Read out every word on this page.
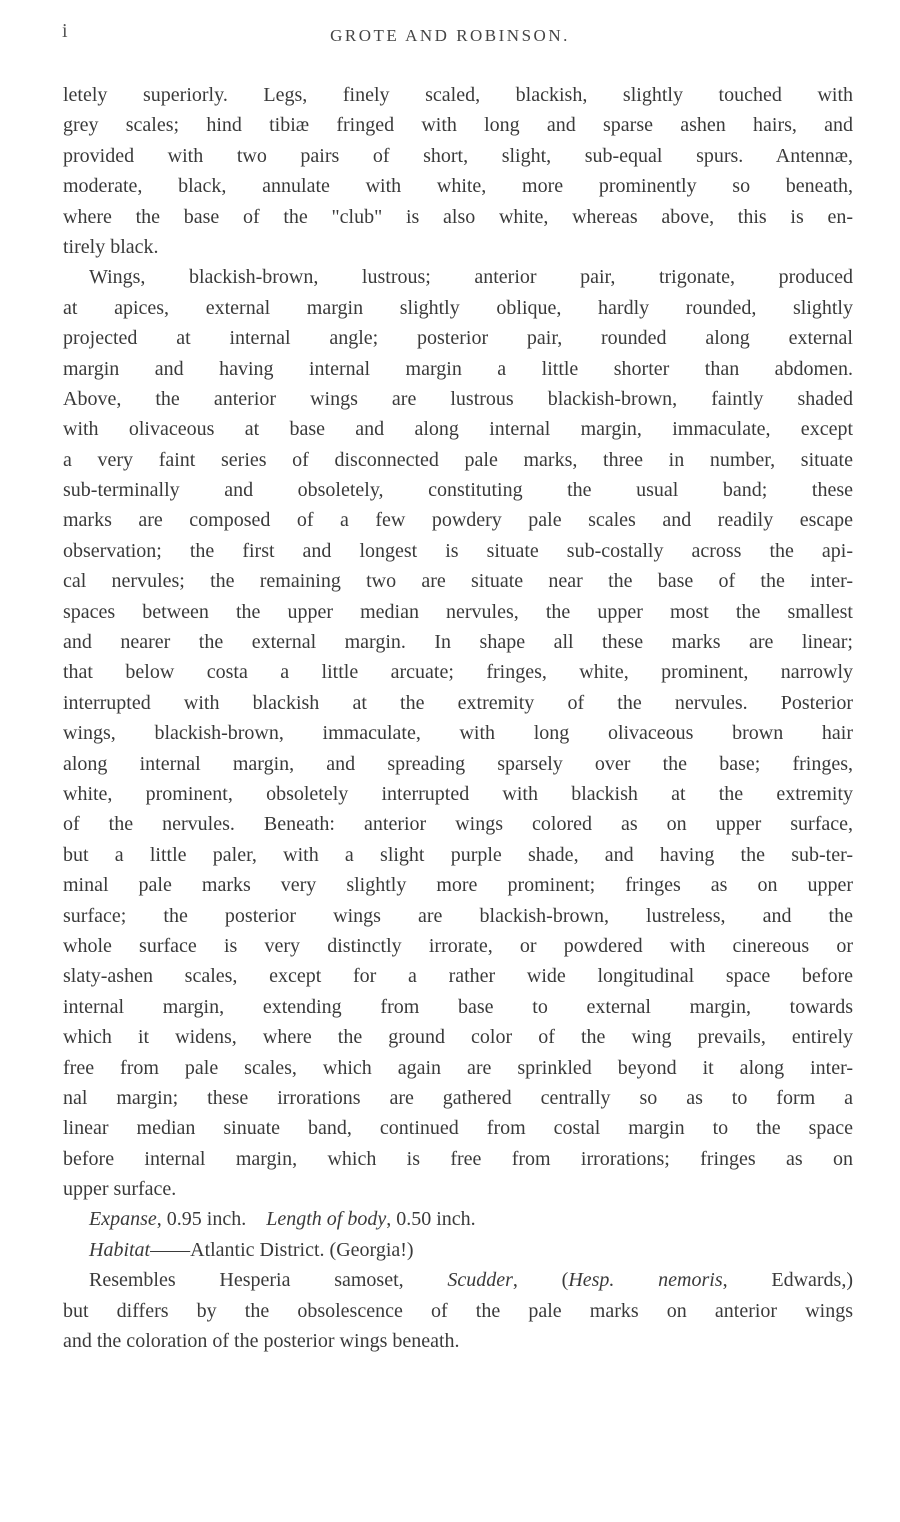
i	GROTE AND ROBINSON.
letely superiorly. Legs, finely scaled, blackish, slightly touched with
grey scales; hind tibiæ fringed with long and sparse ashen hairs, and
provided with two pairs of short, slight, sub-equal spurs. Antennæ,
moderate, black, annulate with white, more prominently so beneath,
where the base of the "club" is also white, whereas above, this is en-
tirely black.
Wings, blackish-brown, lustrous; anterior pair, trigonate, produced
at apices, external margin slightly oblique, hardly rounded, slightly
projected at internal angle; posterior pair, rounded along external
margin and having internal margin a little shorter than abdomen.
Above, the anterior wings are lustrous blackish-brown, faintly shaded
with olivaceous at base and along internal margin, immaculate, except
a very faint series of disconnected pale marks, three in number, situate
sub-terminally and obsoletely, constituting the usual band; these
marks are composed of a few powdery pale scales and readily escape
observation; the first and longest is situate sub-costally across the api-
cal nervules; the remaining two are situate near the base of the inter-
spaces between the upper median nervules, the upper most the smallest
and nearer the external margin. In shape all these marks are linear;
that below costa a little arcuate; fringes, white, prominent, narrowly
interrupted with blackish at the extremity of the nervules. Posterior
wings, blackish-brown, immaculate, with long olivaceous brown hair
along internal margin, and spreading sparsely over the base; fringes,
white, prominent, obsoletely interrupted with blackish at the extremity
of the nervules. Beneath: anterior wings colored as on upper surface,
but a little paler, with a slight purple shade, and having the sub-ter-
minal pale marks very slightly more prominent; fringes as on upper
surface; the posterior wings are blackish-brown, lustreless, and the
whole surface is very distinctly irrorate, or powdered with cinereous or
slaty-ashen scales, except for a rather wide longitudinal space before
internal margin, extending from base to external margin, towards
which it widens, where the ground color of the wing prevails, entirely
free from pale scales, which again are sprinkled beyond it along inter-
nal margin; these irrorations are gathered centrally so as to form a
linear median sinuate band, continued from costal margin to the space
before internal margin, which is free from irrorations; fringes as on
upper surface.
Expanse, 0.95 inch. Length of body, 0.50 inch.
Habitat——Atlantic District. (Georgia!)
Resembles Hesperia samoset, Scudder, (Hesp. nemoris, Edwards,)
but differs by the obsolescence of the pale marks on anterior wings
and the coloration of the posterior wings beneath.
